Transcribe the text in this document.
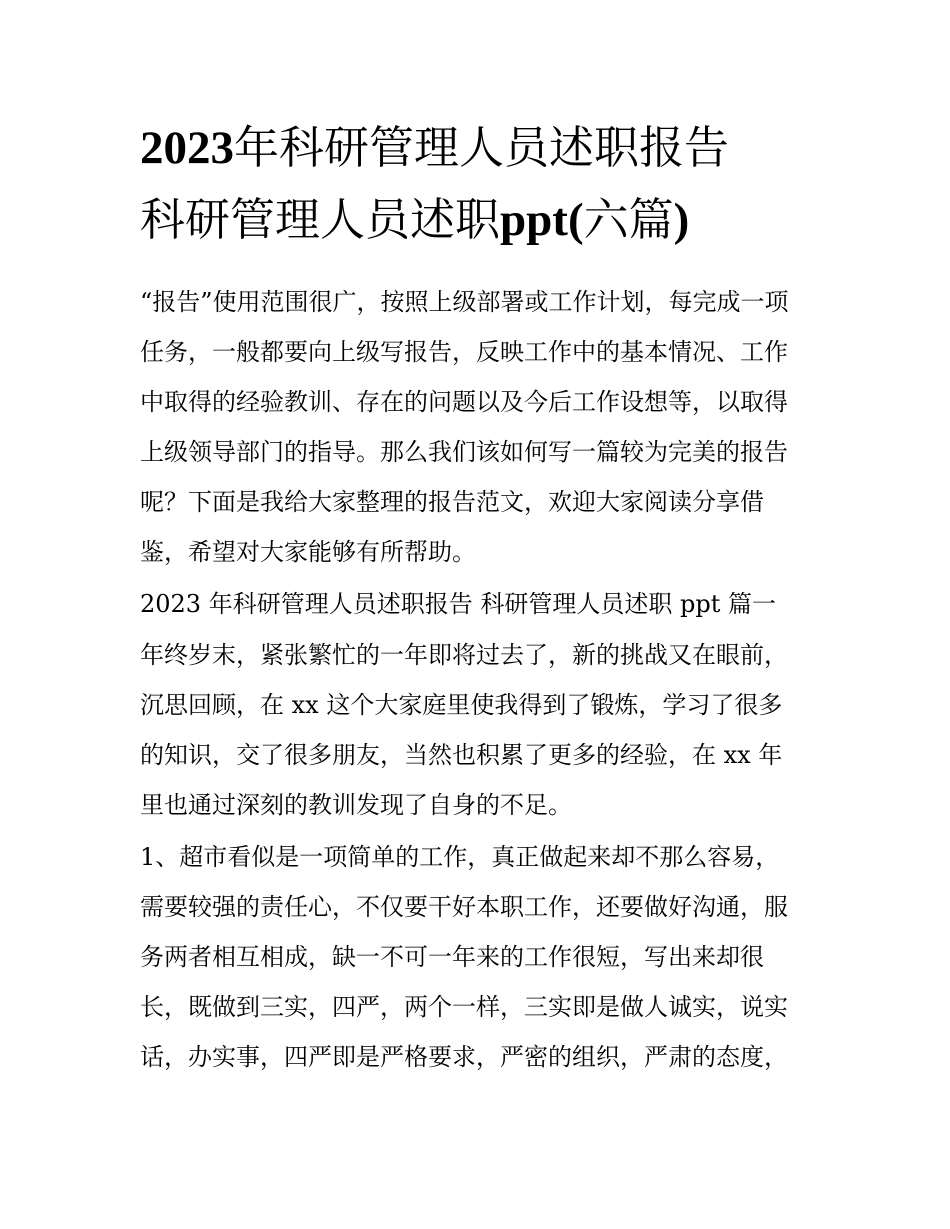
2023年科研管理人员述职报告
科研管理人员述职ppt(六篇)
“报告”使用范围很广，按照上级部署或工作计划，每完成一项
任务，一般都要向上级写报告，反映工作中的基本情况、工作
中取得的经验教训、存在的问题以及今后工作设想等，以取得
上级领导部门的指导。那么我们该如何写一篇较为完美的报告
呢？下面是我给大家整理的报告范文，欢迎大家阅读分享借
鉴，希望对大家能够有所帮助。
2023 年科研管理人员述职报告 科研管理人员述职 ppt 篇一
年终岁末，紧张繁忙的一年即将过去了，新的挑战又在眼前，
沉思回顾，在 xx 这个大家庭里使我得到了锻炼，学习了很多
的知识，交了很多朋友，当然也积累了更多的经验，在 xx 年
里也通过深刻的教训发现了自身的不足。
1、超市看似是一项简单的工作，真正做起来却不那么容易，
需要较强的责任心，不仅要干好本职工作，还要做好沟通，服
务两者相互相成，缺一不可一年来的工作很短，写出来却很
长，既做到三实，四严，两个一样，三实即是做人诚实，说实
话，办实事，四严即是严格要求，严密的组织，严肃的态度，
